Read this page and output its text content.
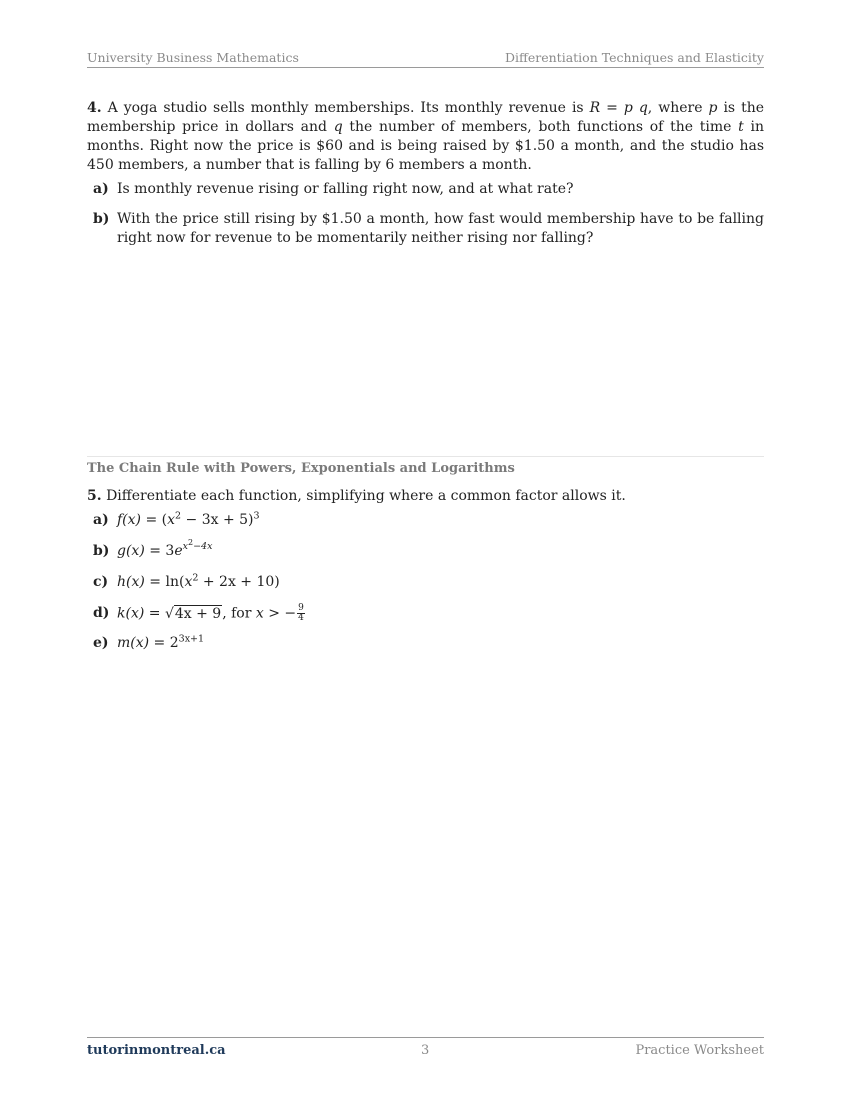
University Business Mathematics	Differentiation Techniques and Elasticity
4. A yoga studio sells monthly memberships. Its monthly revenue is R = p q, where p is the membership price in dollars and q the number of members, both functions of the time t in months. Right now the price is $60 and is being raised by $1.50 a month, and the studio has 450 members, a number that is falling by 6 members a month.
a) Is monthly revenue rising or falling right now, and at what rate?
b) With the price still rising by $1.50 a month, how fast would membership have to be falling right now for revenue to be momentarily neither rising nor falling?
The Chain Rule with Powers, Exponentials and Logarithms
5. Differentiate each function, simplifying where a common factor allows it.
a) $f(x) = (x^2 - 3x + 5)^3$
b) $g(x) = 3e^{x^2-4x}$
c) $h(x) = \ln(x^2 + 2x + 10)$
d) k(x) = √4x + 9, for x > − $\frac{9}{4}$
e) $m(x) = 2^{3x+1}$
tutorinmontreal.ca	3	Practice Worksheet
